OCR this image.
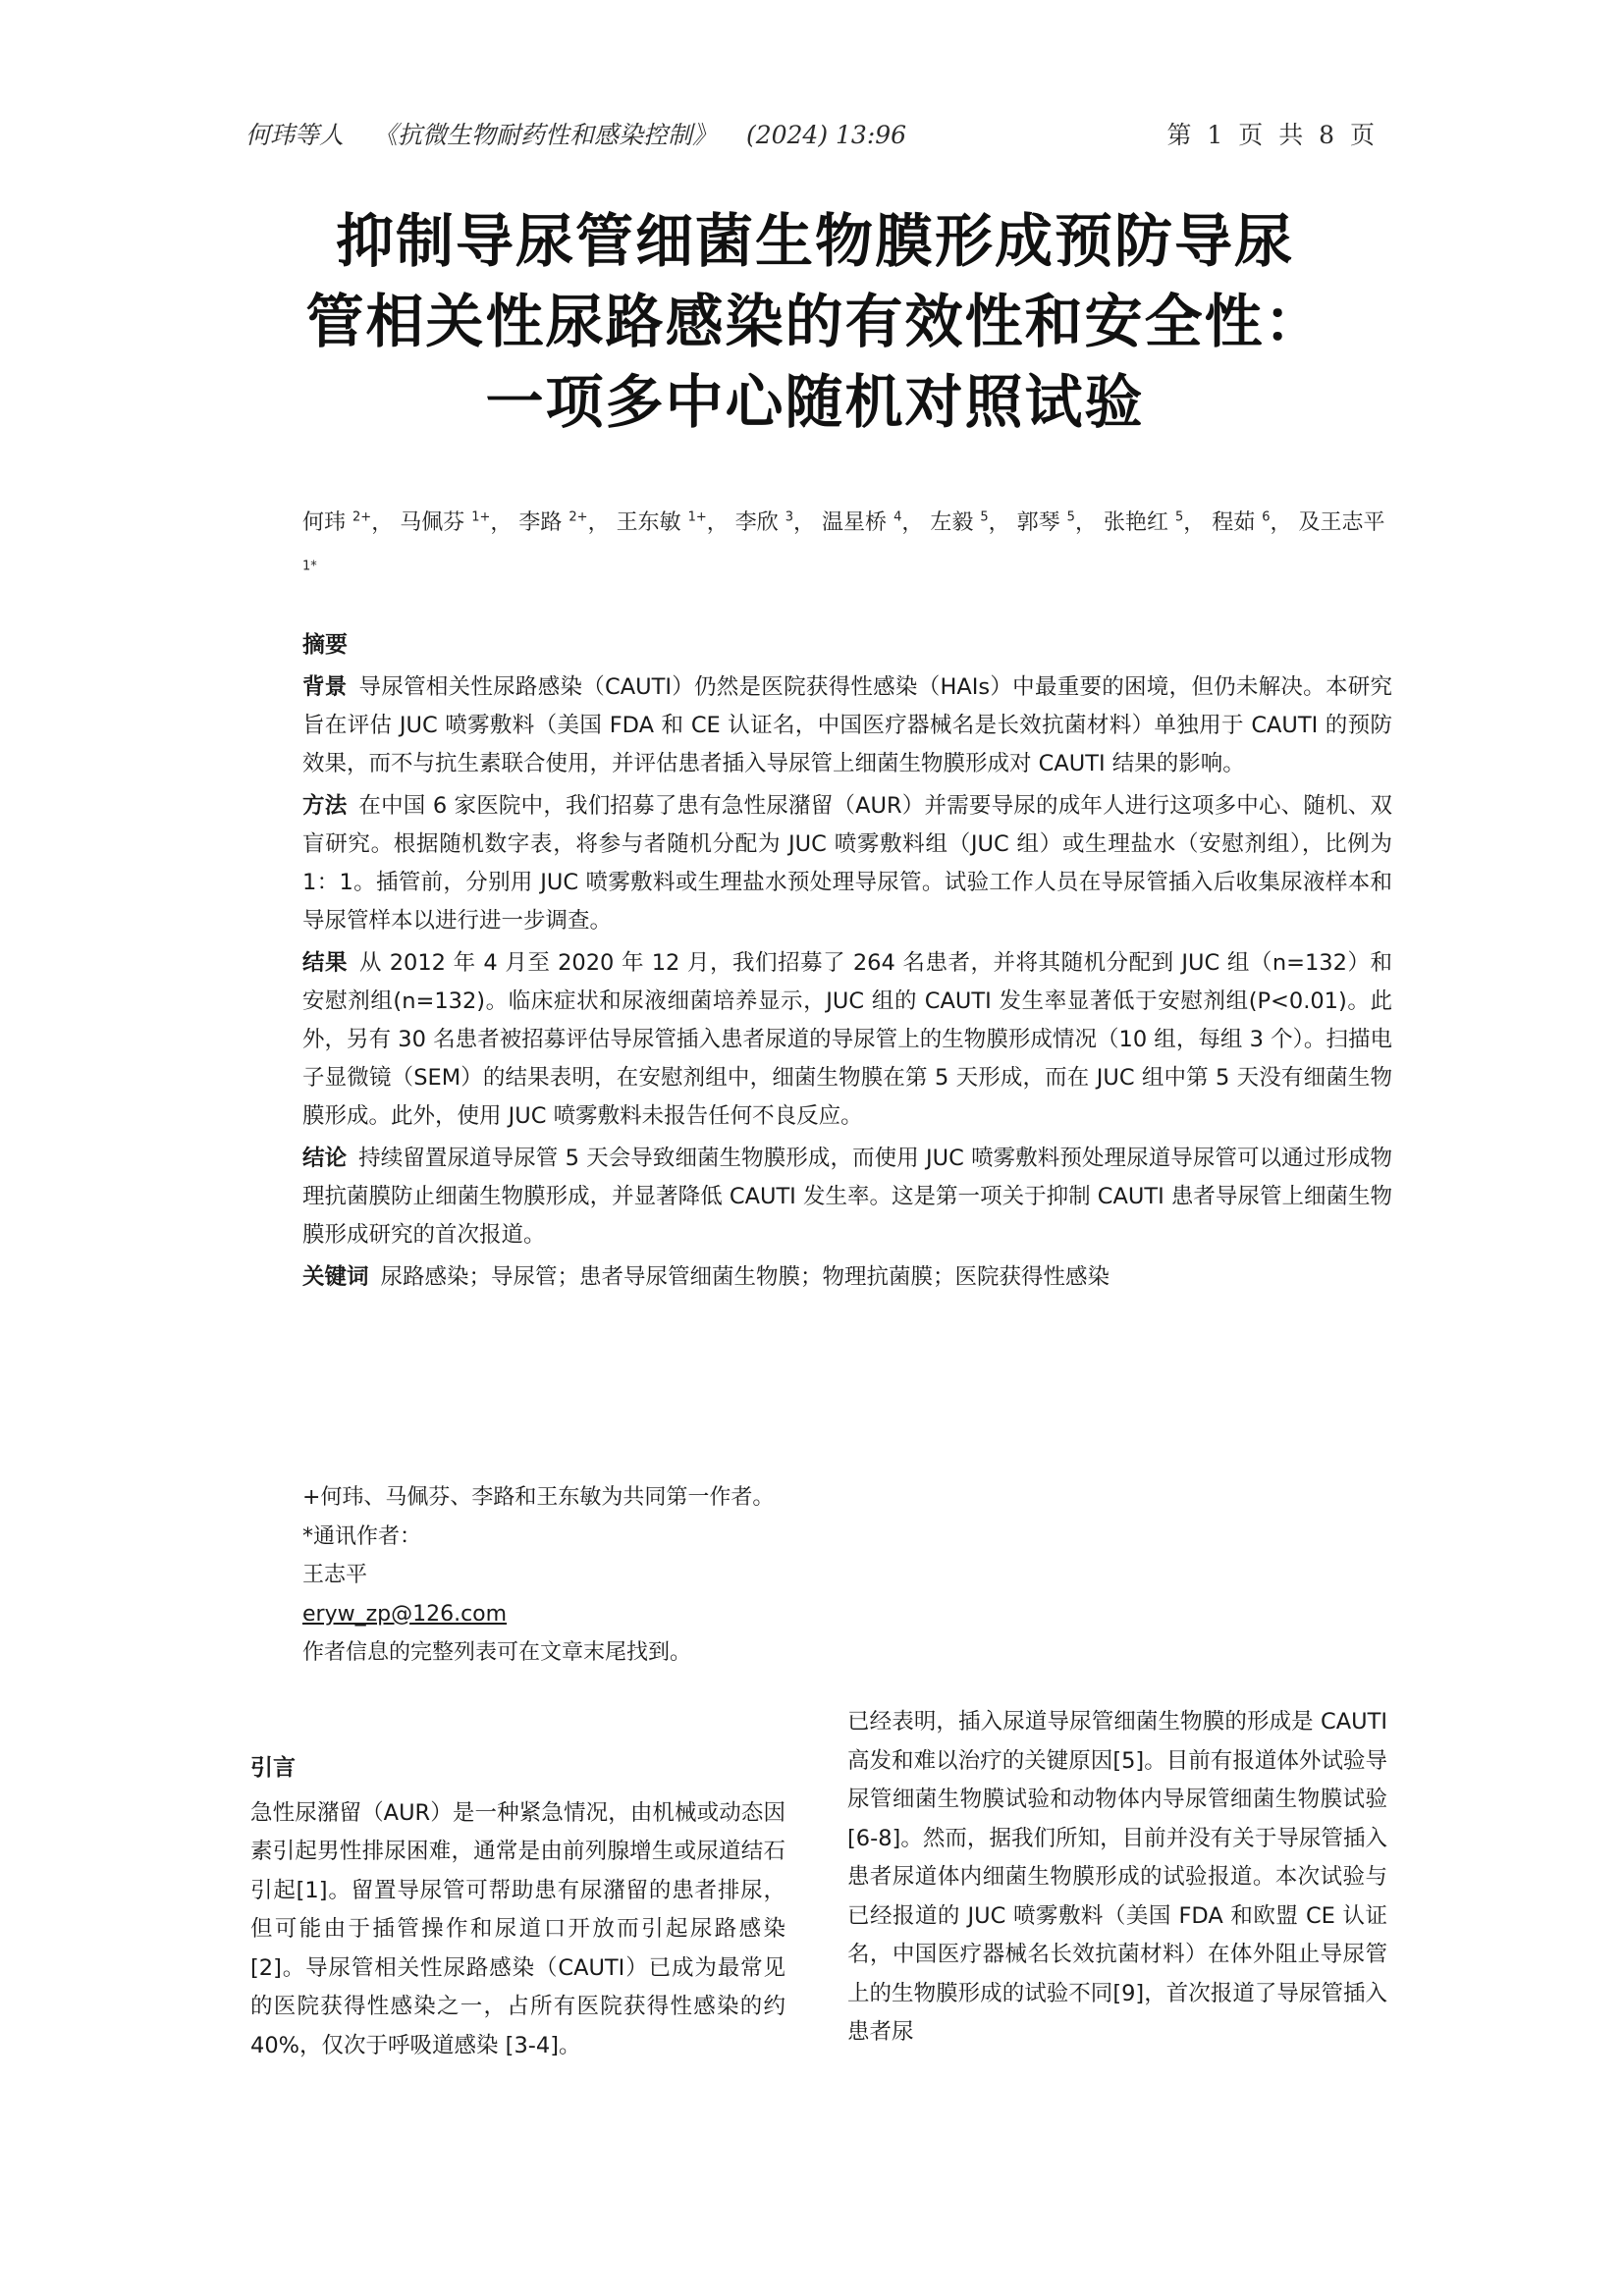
何玮等人 《抗微生物耐药性和感染控制》 (2024) 13:96	第 1 页 共 8 页
抑制导尿管细菌生物膜形成预防导尿
管相关性尿路感染的有效性和安全性：
一项多中心随机对照试验
何玮 $^{2+}$， 马佩芬 $^{1+}$， 李路 $^{2+}$， 王东敏 $^{1+}$， 李欣 $^3$， 温星桥 $^4$， 左毅 $^5$， 郭琴 $^5$， 张艳红 $^5$， 程茹 $^6$， 及王志平 $^{1*}$
摘要

背景 导尿管相关性尿路感染（CAUTI）仍然是医院获得性感染（HAIs）中最重要的困境，但仍未解决。本研究旨在评估 JUC 喷雾敷料（美国 FDA 和 CE 认证名，中国医疗器械名是长效抗菌材料）单独用于 CAUTI 的预防效果，而不与抗生素联合使用，并评估患者插入导尿管上细菌生物膜形成对 CAUTI 结果的影响。

方法 在中国 6 家医院中，我们招募了患有急性尿潴留（AUR）并需要导尿的成年人进行这项多中心、随机、双盲研究。根据随机数字表，将参与者随机分配为 JUC 喷雾敷料组（JUC 组）或生理盐水（安慰剂组），比例为 1：1。插管前，分别用 JUC 喷雾敷料或生理盐水预处理导尿管。试验工作人员在导尿管插入后收集尿液样本和导尿管样本以进行进一步调查。

结果 从 2012 年 4 月至 2020 年 12 月，我们招募了 264 名患者，并将其随机分配到 JUC 组（n=132）和安慰剂组(n=132)。临床症状和尿液细菌培养显示，JUC 组的 CAUTI 发生率显著低于安慰剂组(P<0.01)。此外，另有 30 名患者被招募评估导尿管插入患者尿道的导尿管上的生物膜形成情况（10 组，每组 3 个）。扫描电子显微镜（SEM）的结果表明，在安慰剂组中，细菌生物膜在第 5 天形成，而在 JUC 组中第 5 天没有细菌生物膜形成。此外，使用 JUC 喷雾敷料未报告任何不良反应。

结论 持续留置尿道导尿管 5 天会导致细菌生物膜形成，而使用 JUC 喷雾敷料预处理尿道导尿管可以通过形成物理抗菌膜防止细菌生物膜形成，并显著降低 CAUTI 发生率。这是第一项关于抑制 CAUTI 患者导尿管上细菌生物膜形成研究的首次报道。

关键词 尿路感染；导尿管；患者导尿管细菌生物膜；物理抗菌膜；医院获得性感染

+何玮、马佩芬、李路和王东敏为共同第一作者。
*通讯作者：
王志平
eryw_zp@126.com
作者信息的完整列表可在文章末尾找到。
引言
急性尿潴留（AUR）是一种紧急情况，由机械或动态因素引起男性排尿困难，通常是由前列腺增生或尿道结石引起[1]。留置导尿管可帮助患有尿潴留的患者排尿，但可能由于插管操作和尿道口开放而引起尿路感染[2]。导尿管相关性尿路感染（CAUTI）已成为最常见的医院获得性感染之一，占所有医院获得性感染的约 40%，仅次于呼吸道感染 [3-4]。
已经表明，插入尿道导尿管细菌生物膜的形成是 CAUTI 高发和难以治疗的关键原因[5]。目前有报道体外试验导尿管细菌生物膜试验和动物体内导尿管细菌生物膜试验[6-8]。然而，据我们所知，目前并没有关于导尿管插入患者尿道体内细菌生物膜形成的试验报道。本次试验与已经报道的 JUC 喷雾敷料（美国 FDA 和欧盟 CE 认证名，中国医疗器械名长效抗菌材料）在体外阻止导尿管上的生物膜形成的试验不同[9]，首次报道了导尿管插入患者尿
